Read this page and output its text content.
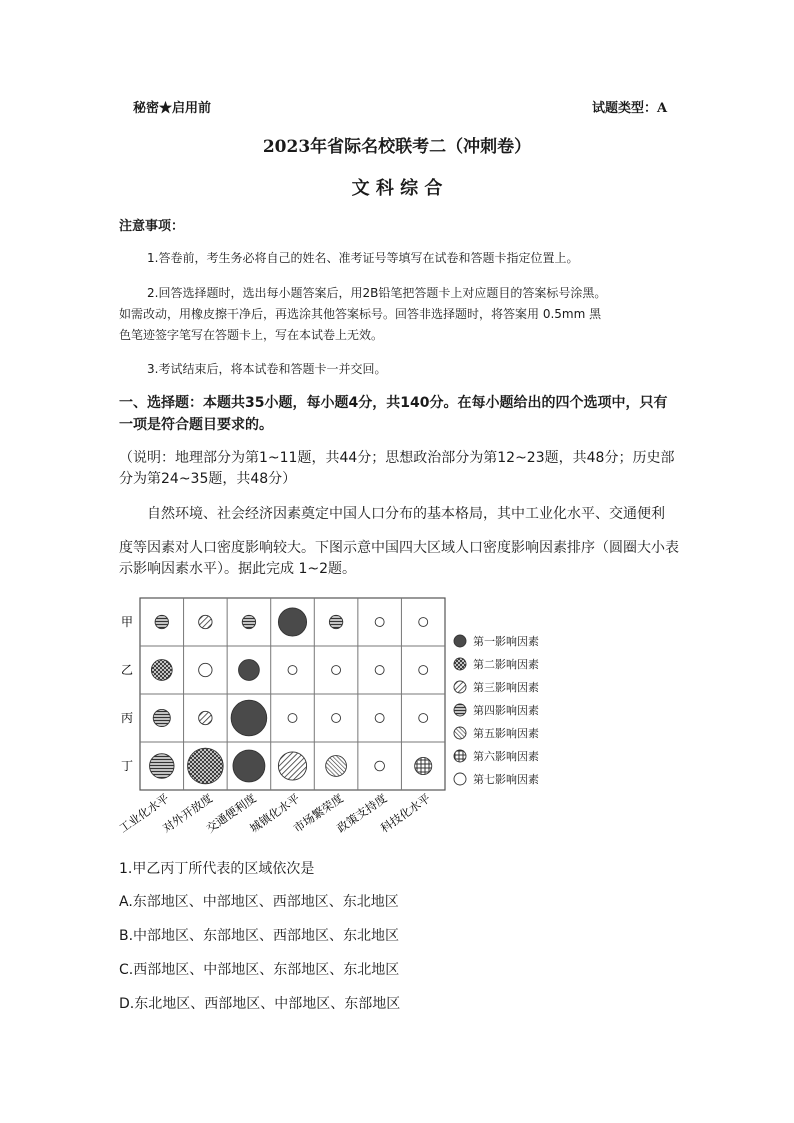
秘密★启用前	试题类型：A
2023年省际名校联考二（冲刺卷）
文 科 综 合
注意事项：
1.答卷前，考生务必将自己的姓名、准考证号等填写在试卷和答题卡指定位置上。
2.回答选择题时，选出每小题答案后，用2B铅笔把答题卡上对应题目的答案标号涂黑。
如需改动，用橡皮擦干净后，再选涂其他答案标号。回答非选择题时，将答案用 0.5mm 黑
色笔迹签字笔写在答题卡上，写在本试卷上无效。
3.考试结束后，将本试卷和答题卡一并交回。
一、选择题：本题共35小题，每小题4分，共140分。在每小题给出的四个选项中，只有
一项是符合题目要求的。
（说明：地理部分为第1~11题，共44分；思想政治部分为第12~23题，共48分；历史部
分为第24~35题，共48分）
自然环境、社会经济因素奠定中国人口分布的基本格局，其中工业化水平、交通便利
度等因素对人口密度影响较大。下图示意中国四大区域人口密度影响因素排序（圆圈大小表
示影响因素水平）。据此完成 1~2题。
甲
乙
丙
丁
工业化水平
对外开放度
交通便利度
城镇化水平
市场繁荣度
政策支持度
科技化水平
第一影响因素
第二影响因素
第三影响因素
第四影响因素
第五影响因素
第六影响因素
第七影响因素
1.甲乙丙丁所代表的区域依次是
A.东部地区、中部地区、西部地区、东北地区
B.中部地区、东部地区、西部地区、东北地区
C.西部地区、中部地区、东部地区、东北地区
D.东北地区、西部地区、中部地区、东部地区
